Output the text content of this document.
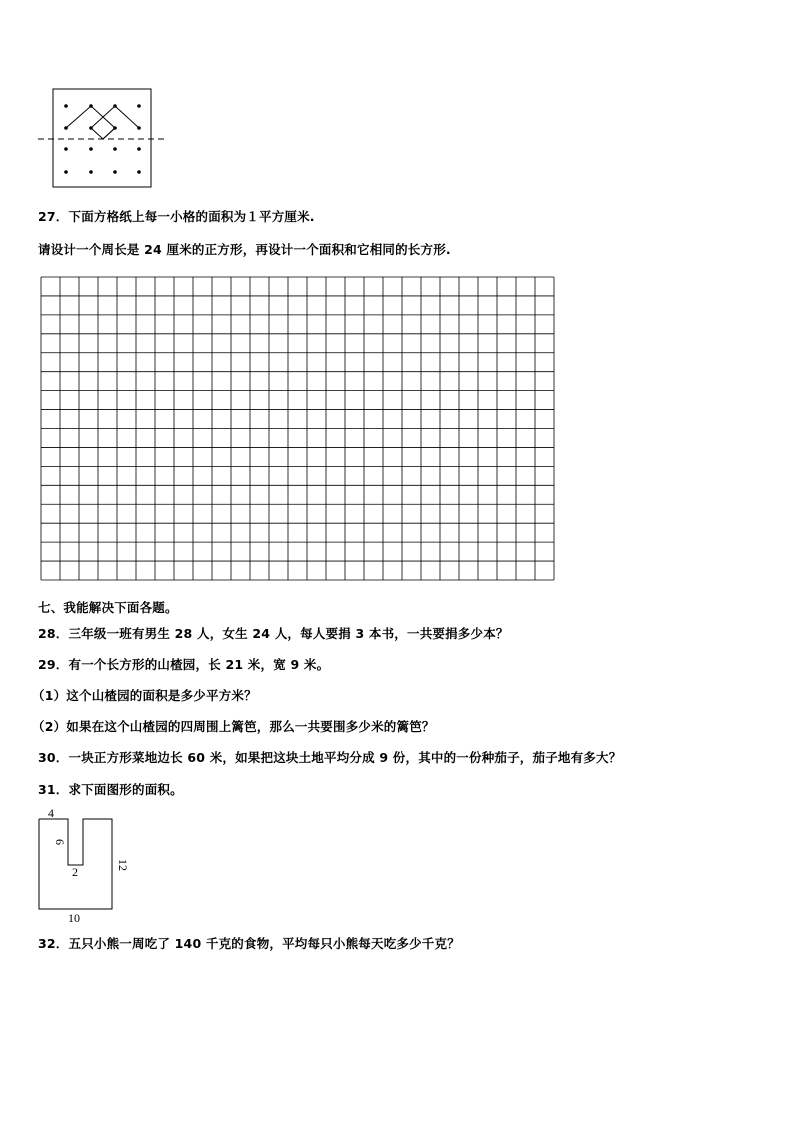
27．下面方格纸上每一小格的面积为１平方厘米.
请设计一个周长是 24 厘米的正方形，再设计一个面积和它相同的长方形.
七、我能解决下面各题。
28．三年级一班有男生 28 人，女生 24 人，每人要捐 3 本书，一共要捐多少本？
29．有一个长方形的山楂园，长 21 米，宽 9 米。
（1）这个山楂园的面积是多少平方米？
（2）如果在这个山楂园的四周围上篱笆，那么一共要围多少米的篱笆？
30．一块正方形菜地边长 60 米，如果把这块土地平均分成 9 份，其中的一份种茄子，茄子地有多大？
31．求下面图形的面积。
4
6
2	12
10
32．五只小熊一周吃了 140 千克的食物，平均每只小熊每天吃多少千克？
